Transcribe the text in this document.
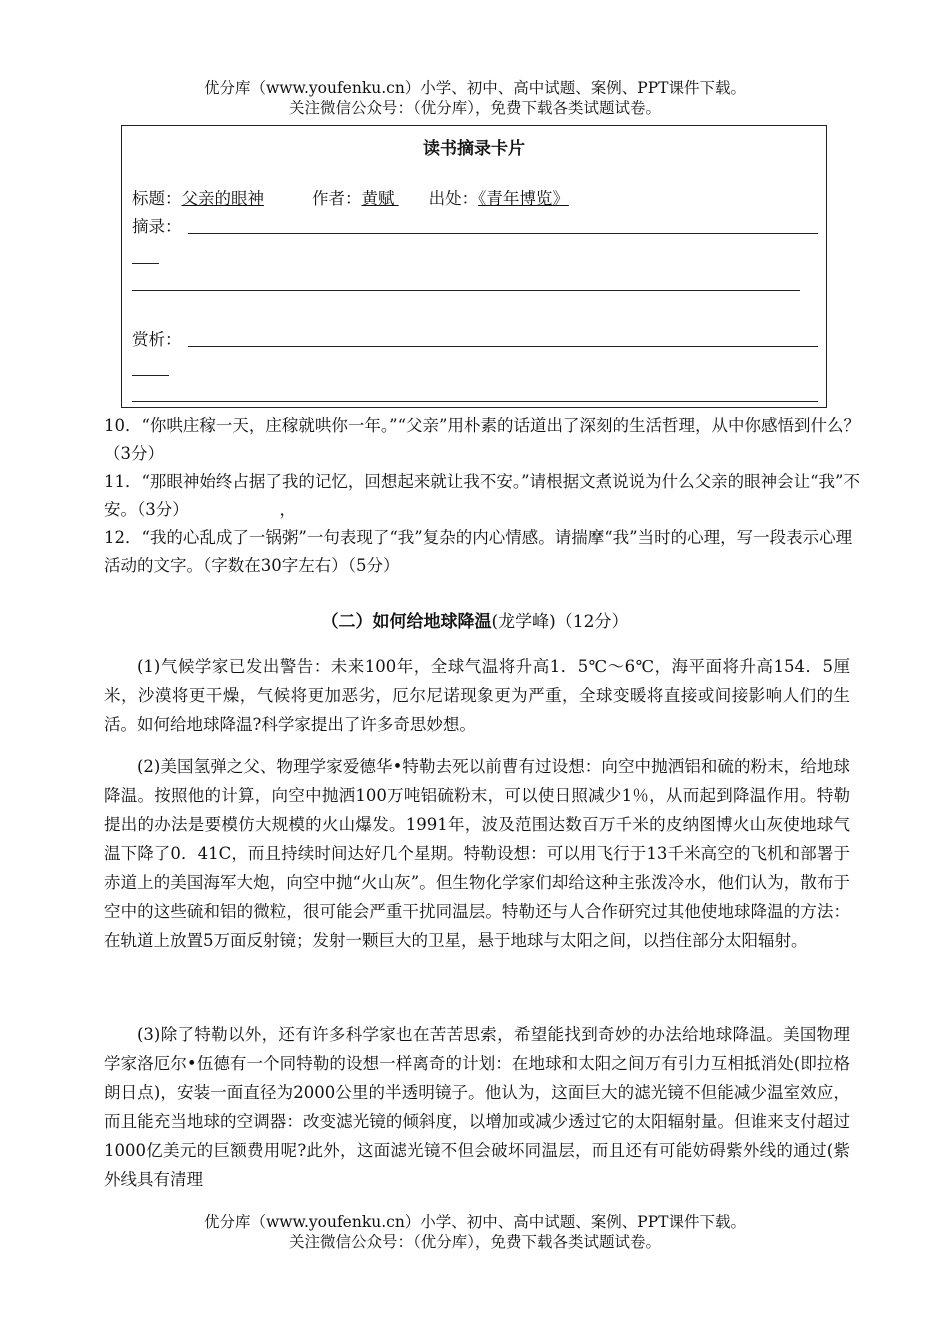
优分库（www.youfenku.cn）小学、初中、高中试题、案例、PPT课件下载。
关注微信公众号：（优分库），免费下载各类试题试卷。
读书摘录卡片
标题：父亲的眼神	作者：黄赋  出处：《青年博览》
摘录：
赏析：
10．“你哄庄稼一天，庄稼就哄你一年。”“父亲”用朴素的话道出了深刻的生活哲理，从中你感悟到什么？（3分）
11．“那眼神始终占据了我的记忆，回想起来就让我不安。”请根据文煮说说为什么父亲的眼神会让“我”不安。（3分）　　　　　　，
12．“我的心乱成了一锅粥”一句表现了“我”复杂的内心情感。请揣摩“我”当时的心理，写一段表示心理活动的文字。（字数在30字左右）（5分）
（二）如何给地球降温(龙学峰)（12分）
(1)气候学家已发出警告：未来100年，全球气温将升高1．5℃～6℃，海平面将升高154．5厘米，沙漠将更干燥，气候将更加恶劣，厄尔尼诺现象更为严重，全球变暖将直接或间接影响人们的生活。如何给地球降温?科学家提出了许多奇思妙想。
(2)美国氢弹之父、物理学家爱德华•特勒去死以前曹有过设想：向空中抛洒铝和硫的粉末，给地球降温。按照他的计算，向空中抛洒100万吨铝硫粉末，可以使日照减少1％，从而起到降温作用。特勒提出的办法是要模仿大规模的火山爆发。1991年，波及范围达数百万千米的皮纳图博火山灰使地球气温下降了0．41C，而且持续时间达好几个星期。特勒设想：可以用飞行于13千米高空的飞机和部署于赤道上的美国海军大炮，向空中抛“火山灰”。但生物化学家们却给这种主张泼冷水，他们认为，散布于空中的这些硫和铝的微粒，很可能会严重干扰同温层。特勒还与人合作研究过其他使地球降温的方法：在轨道上放置5万面反射镜；发射一颗巨大的卫星，悬于地球与太阳之间，以挡住部分太阳辐射。
(3)除了特勒以外，还有许多科学家也在苦苦思索，希望能找到奇妙的办法给地球降温。美国物理学家洛厄尔•伍德有一个同特勒的设想一样离奇的计划：在地球和太阳之间万有引力互相抵消处(即拉格朗日点)，安装一面直径为2000公里的半透明镜子。他认为，这面巨大的滤光镜不但能减少温室效应，而且能充当地球的空调器：改变滤光镜的倾斜度，以增加或减少透过它的太阳辐射量。但谁来支付超过1000亿美元的巨额费用呢?此外，这面滤光镜不但会破坏同温层，而且还有可能妨碍紫外线的通过(紫外线具有清理
优分库（www.youfenku.cn）小学、初中、高中试题、案例、PPT课件下载。
关注微信公众号：（优分库），免费下载各类试题试卷。
